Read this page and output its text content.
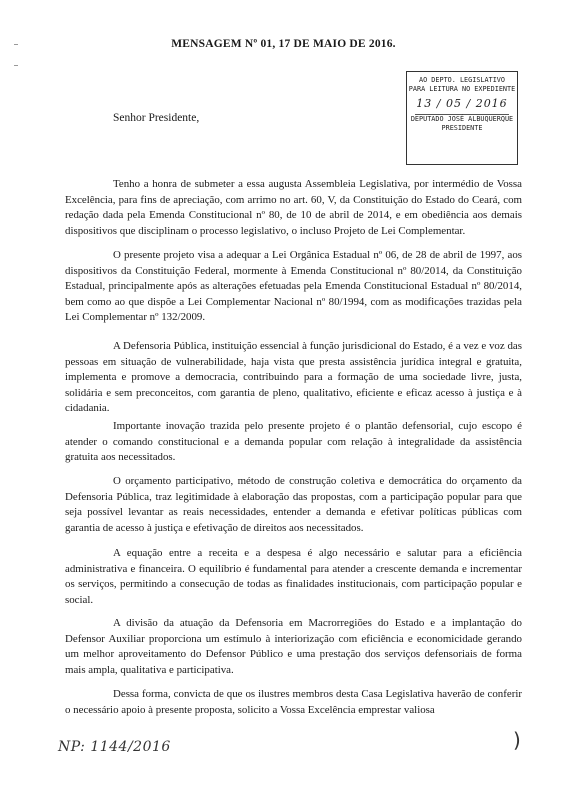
MENSAGEM Nº 01, 17 DE MAIO DE 2016.
AO DEPTO. LEGISLATIVO
PARA LEITURA NO EXPEDIENTE
13 / 05 / 2016
DEPUTADO JOSÉ ALBUQUERQUE
PRESIDENTE
Senhor Presidente,
Tenho a honra de submeter a essa augusta Assembleia Legislativa, por intermédio de Vossa Excelência, para fins de apreciação, com arrimo no art. 60, V, da Constituição do Estado do Ceará, com redação dada pela Emenda Constitucional nº 80, de 10 de abril de 2014, e em obediência aos demais dispositivos que disciplinam o processo legislativo, o incluso Projeto de Lei Complementar.
O presente projeto visa a adequar a Lei Orgânica Estadual nº 06, de 28 de abril de 1997, aos dispositivos da Constituição Federal, mormente à Emenda Constitucional nº 80/2014, da Constituição Estadual, principalmente após as alterações efetuadas pela Emenda Constitucional Estadual nº 80/2014, bem como ao que dispõe a Lei Complementar Nacional nº 80/1994, com as modificações trazidas pela Lei Complementar nº 132/2009.
A Defensoria Pública, instituição essencial à função jurisdicional do Estado, é a vez e voz das pessoas em situação de vulnerabilidade, haja vista que presta assistência jurídica integral e gratuita, implementa e promove a democracia, contribuindo para a formação de uma sociedade livre, justa, solidária e sem preconceitos, com garantia de pleno, qualitativo, eficiente e eficaz acesso à justiça e à cidadania.
Importante inovação trazida pelo presente projeto é o plantão defensorial, cujo escopo é atender o comando constitucional e a demanda popular com relação à integralidade da assistência gratuita aos necessitados.
O orçamento participativo, método de construção coletiva e democrática do orçamento da Defensoria Pública, traz legitimidade à elaboração das propostas, com a participação popular para que seja possível levantar as reais necessidades, entender a demanda e efetivar políticas públicas com garantia de acesso à justiça e efetivação de direitos aos necessitados.
A equação entre a receita e a despesa é algo necessário e salutar para a eficiência administrativa e financeira. O equilíbrio é fundamental para atender a crescente demanda e incrementar os serviços, permitindo a consecução de todas as finalidades institucionais, com participação popular e social.
A divisão da atuação da Defensoria em Macrorregiões do Estado e a implantação do Defensor Auxiliar proporciona um estímulo à interiorização com eficiência e economicidade gerando um melhor aproveitamento do Defensor Público e uma prestação dos serviços defensoriais de forma mais ampla, qualitativa e participativa.
Dessa forma, convicta de que os ilustres membros desta Casa Legislativa haverão de conferir o necessário apoio à presente proposta, solicito a Vossa Excelência emprestar valiosa
NP: 1144/2016	)
